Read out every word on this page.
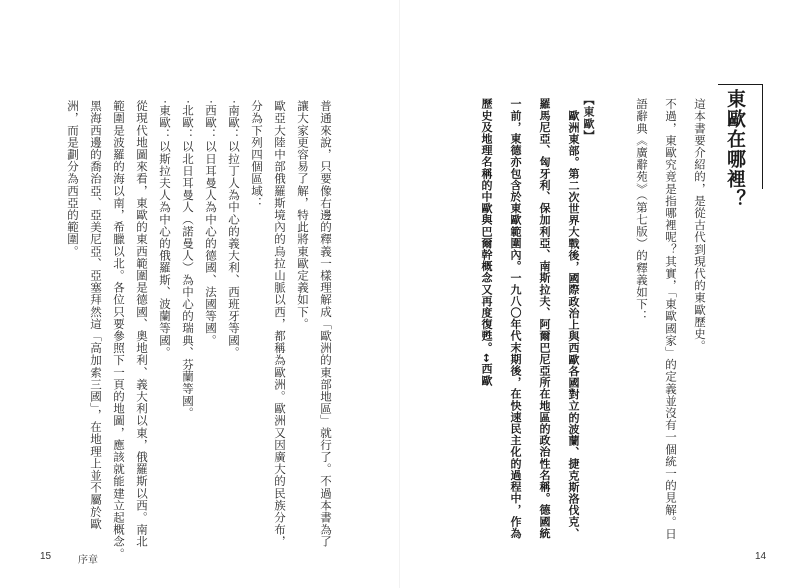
東歐在哪裡？
這本書要介紹的，是從古代到現代的東歐歷史。
不過，東歐究竟是指哪裡呢？其實，「東歐國家」的定義並沒有一個統一的見解。日
語辭典《廣辭苑》（第七版）的釋義如下：
【東歐】
歐洲東部。第二次世界大戰後，國際政治上與西歐各國對立的波蘭、捷克斯洛伐克、
羅馬尼亞、匈牙利、保加利亞、南斯拉夫、阿爾巴尼亞所在地區的政治性名稱。德國統
一前，東德亦包含於東歐範圍內。一九八〇年代末期後，在快速民主化的過程中，作為
歷史及地理名稱的中歐與巴爾幹概念又再度復甦。↔西歐
14
普通來說，只要像右邊的釋義一樣理解成「歐洲的東部地區」就行了。不過本書為了
讓大家更容易了解，特此將東歐定義如下。
歐亞大陸中部俄羅斯境內的烏拉山脈以西，都稱為歐洲。歐洲又因廣大的民族分布，
分為下列四個區域：
‧南歐：以拉丁人為中心的義大利、西班牙等國。
‧西歐：以日耳曼人為中心的德國、法國等國。
‧北歐：以北日耳曼人（諾曼人）為中心的瑞典、芬蘭等國。
‧東歐：以斯拉夫人為中心的俄羅斯、波蘭等國。
從現代地圖來看，東歐的東西範圍是德國、奧地利、義大利以東，俄羅斯以西。南北
範圍是波羅的海以南，希臘以北。各位只要參照下一頁的地圖，應該就能建立起概念。
黑海西邊的喬治亞、亞美尼亞、亞塞拜然這「高加索三國」，在地理上並不屬於歐
洲，而是劃分為西亞的範圍。
15	序章
